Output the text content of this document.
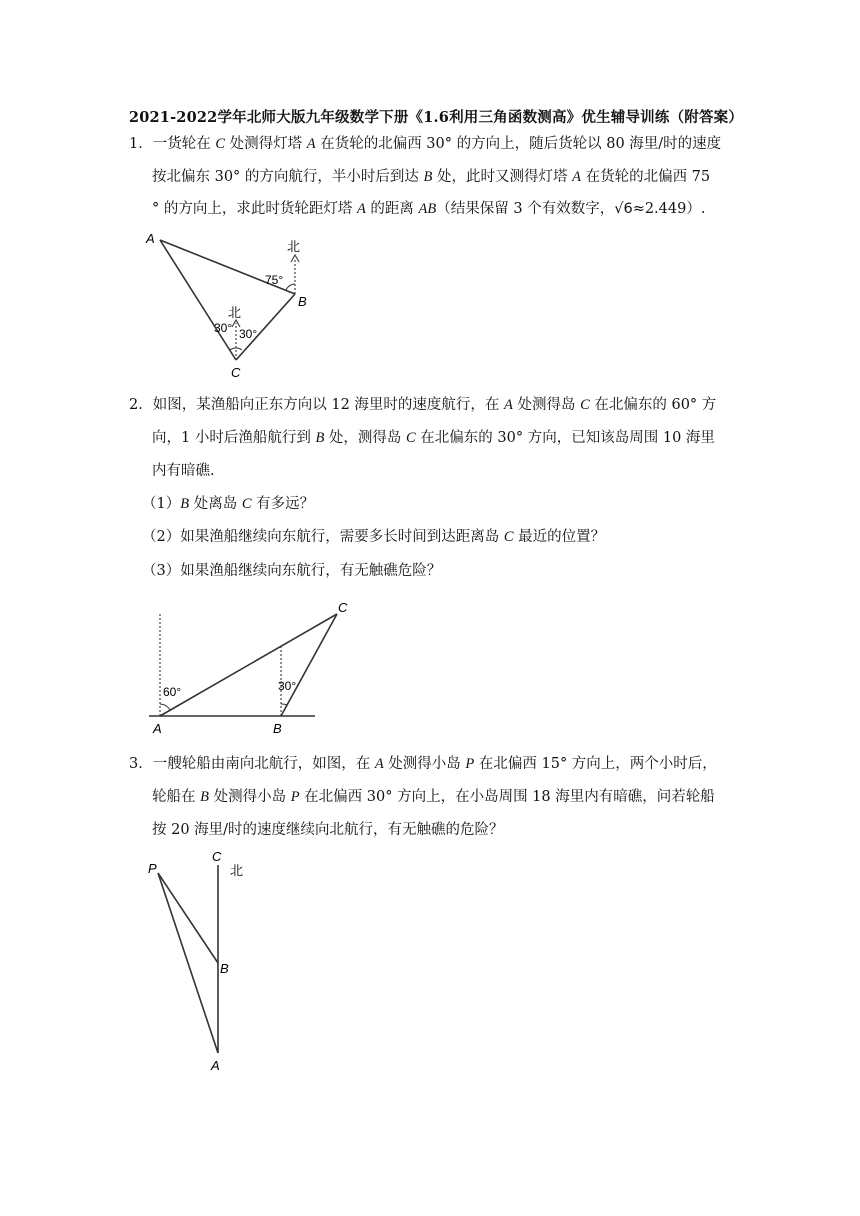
2021-2022学年北师大版九年级数学下册《1.6利用三角函数测高》优生辅导训练（附答案）
1．一货轮在 C 处测得灯塔 A 在货轮的北偏西 30° 的方向上，随后货轮以 80 海里/时的速度
按北偏东 30° 的方向航行，半小时后到达 B 处，此时又测得灯塔 A 在货轮的北偏西 75
° 的方向上，求此时货轮距灯塔 A 的距离 AB（结果保留 3 个有效数字，√6≈2.449）.
A
B
C
北
北
75°
30° 30°
2．如图，某渔船向正东方向以 12 海里时的速度航行，在 A 处测得岛 C 在北偏东的 60° 方
向，1 小时后渔船航行到 B 处，测得岛 C 在北偏东的 30° 方向，已知该岛周围 10 海里
内有暗礁.
（1）B 处离岛 C 有多远？
（2）如果渔船继续向东航行，需要多长时间到达距离岛 C 最近的位置？
（3）如果渔船继续向东航行，有无触礁危险？
A	B
C
60°	30°
3．一艘轮船由南向北航行，如图，在 A 处测得小岛 P 在北偏西 15° 方向上，两个小时后，
轮船在 B 处测得小岛 P 在北偏西 30° 方向上，在小岛周围 18 海里内有暗礁，问若轮船
按 20 海里/时的速度继续向北航行，有无触礁的危险？
P
C
北
B
A
